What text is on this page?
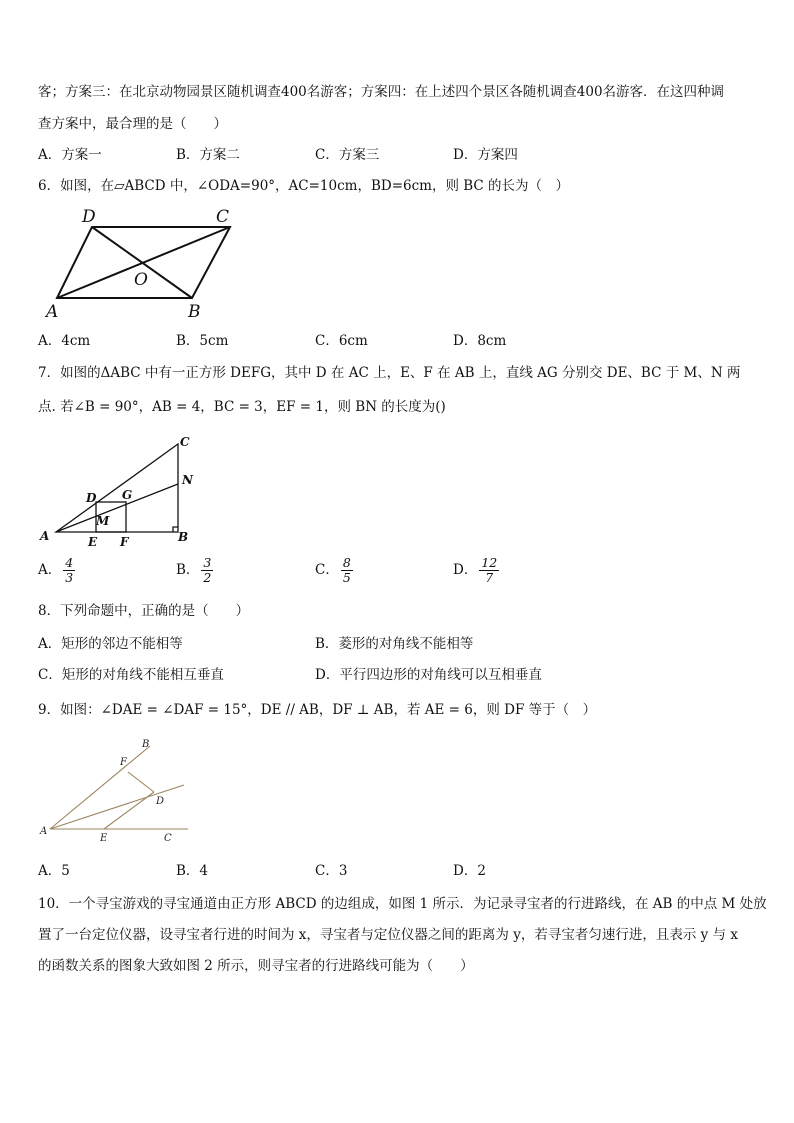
客；方案三：在北京动物园景区随机调查400名游客；方案四：在上述四个景区各随机调查400名游客．在这四种调
查方案中，最合理的是（　　）
A．方案一	B．方案二	C．方案三	D．方案四
6．如图，在▱ABCD 中，∠ODA=90°，AC=10cm，BD=6cm，则 BC 的长为（　）
D	C
O
A	B
A．4cm	B．5cm	C．6cm	D．8cm
7．如图的ΔABC 中有一正方形 DEFG，其中 D 在 AC 上，E、F 在 AB 上，直线 AG 分别交 DE、BC 于 M、N 两
点. 若∠B = 90°，AB = 4，BC = 3，EF = 1，则 BN 的长度为()
C
N
D G
M
A	E F	B
A． $\frac{4}{3}$	B． $\frac{3}{2}$	C． $\frac{8}{5}$	D． $\frac{12}{7}$
8．下列命题中，正确的是（　　）
A．矩形的邻边不能相等	B．菱形的对角线不能相等
C．矩形的对角线不能相互垂直	D．平行四边形的对角线可以互相垂直
9．如图：∠DAE = ∠DAF = 15°，DE // AB，DF ⊥ AB，若 AE = 6，则 DF 等于（　）
B
F
D
A
E	C
A．5	B．4	C．3	D．2
10．一个寻宝游戏的寻宝通道由正方形 ABCD 的边组成，如图 1 所示．为记录寻宝者的行进路线，在 AB 的中点 M 处放
置了一台定位仪器，设寻宝者行进的时间为 x，寻宝者与定位仪器之间的距离为 y，若寻宝者匀速行进，且表示 y 与 x
的函数关系的图象大致如图 2 所示，则寻宝者的行进路线可能为（　　）
